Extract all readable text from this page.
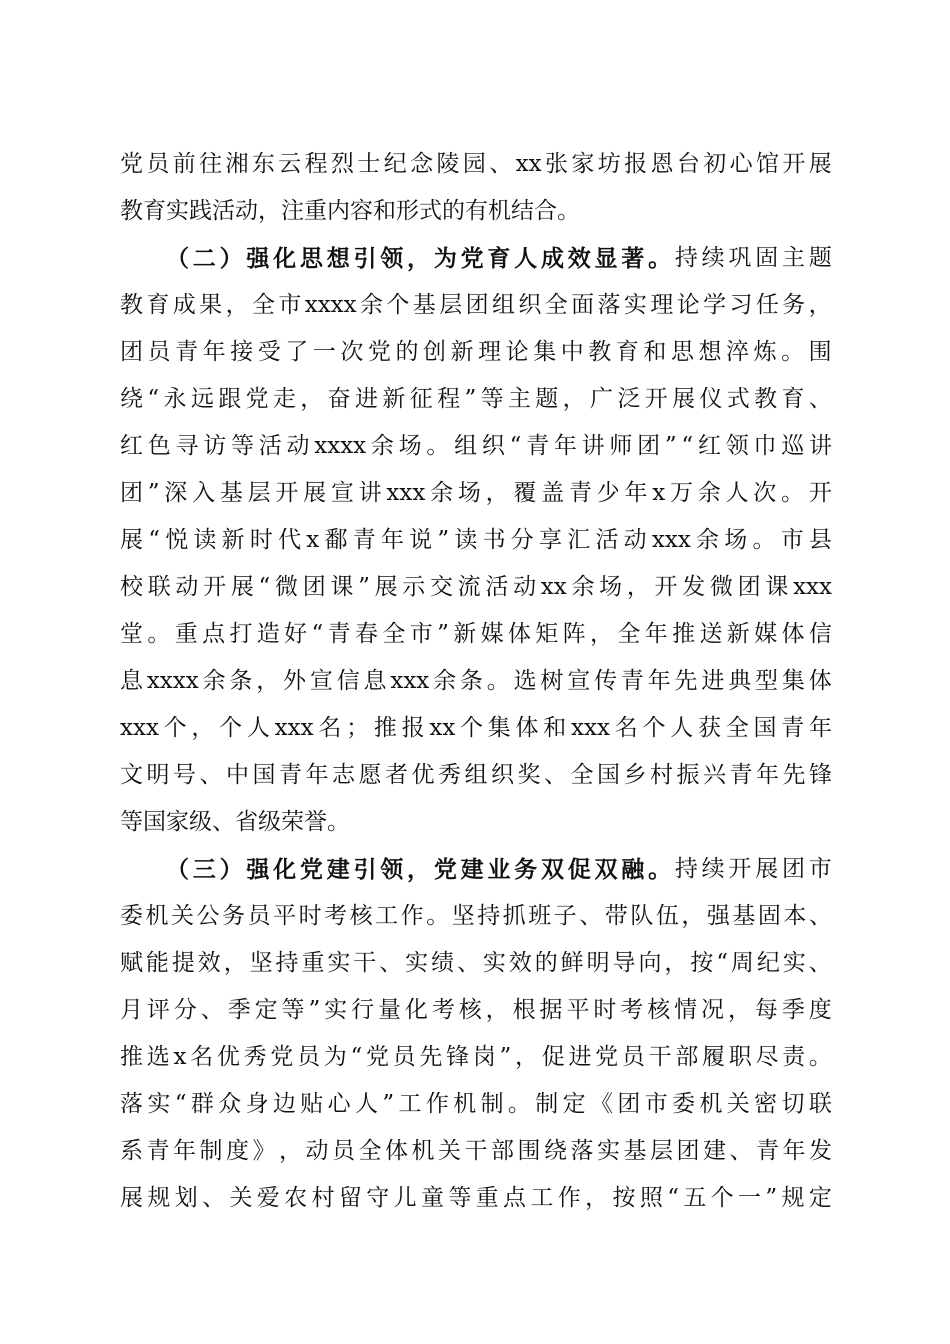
党 员 前 往 湘 东 云 程 烈 士 纪 念 陵 园 、 xx 张 家 坊 报 恩 台 初 心 馆 开 展
教 育 实 践 活 动 ， 注 重 内 容 和 形 式 的 有 机 结 合 。
（ 二 ） 强 化 思 想 引 领 ， 为 党 育 人 成 效 显 著 。 持 续 巩 固 主 题
教 育 成 果 ， 全 市 xxxx 余 个 基 层 团 组 织 全 面 落 实 理 论 学 习 任 务 ，
团 员 青 年 接 受 了 一 次 党 的 创 新 理 论 集 中 教 育 和 思 想 淬 炼 。 围
绕 “ 永 远 跟 党 走 ， 奋 进 新 征 程 ” 等 主 题 ， 广 泛 开 展 仪 式 教 育 、
红 色 寻 访 等 活 动 xxxx 余 场 。 组 织 “ 青 年 讲 师 团 ” “ 红 领 巾 巡 讲
团 ” 深 入 基 层 开 展 宣 讲 xxx 余 场 ， 覆 盖 青 少 年 x 万 余 人 次 。 开
展 “ 悦 读 新 时 代 x 鄱 青 年 说 ” 读 书 分 享 汇 活 动 xxx 余 场 。 市 县
校 联 动 开 展 “ 微 团 课 ” 展 示 交 流 活 动 xx 余 场 ， 开 发 微 团 课 xxx
堂 。 重 点 打 造 好 “ 青 春 全 市 ” 新 媒 体 矩 阵 ， 全 年 推 送 新 媒 体 信
息 xxxx 余 条 ， 外 宣 信 息 xxx 余 条 。 选 树 宣 传 青 年 先 进 典 型 集 体
xxx 个 ， 个 人 xxx 名 ； 推 报 xx 个 集 体 和 xxx 名 个 人 获 全 国 青 年
文 明 号 、 中 国 青 年 志 愿 者 优 秀 组 织 奖 、 全 国 乡 村 振 兴 青 年 先 锋
等 国 家 级 、 省 级 荣 誉 。
（ 三 ） 强 化 党 建 引 领 ， 党 建 业 务 双 促 双 融 。 持 续 开 展 团 市
委 机 关 公 务 员 平 时 考 核 工 作 。 坚 持 抓 班 子 、 带 队 伍 ， 强 基 固 本 、
赋 能 提 效 ， 坚 持 重 实 干 、 实 绩 、 实 效 的 鲜 明 导 向 ， 按 “ 周 纪 实 、
月 评 分 、 季 定 等 ” 实 行 量 化 考 核 ， 根 据 平 时 考 核 情 况 ， 每 季 度
推 选 x 名 优 秀 党 员 为 “ 党 员 先 锋 岗 ” ， 促 进 党 员 干 部 履 职 尽 责 。
落 实 “ 群 众 身 边 贴 心 人 ” 工 作 机 制 。 制 定 《 团 市 委 机 关 密 切 联
系 青 年 制 度 》 ， 动 员 全 体 机 关 干 部 围 绕 落 实 基 层 团 建 、 青 年 发
展 规 划 、 关 爱 农 村 留 守 儿 童 等 重 点 工 作 ， 按 照 “ 五 个 一 ” 规 定
